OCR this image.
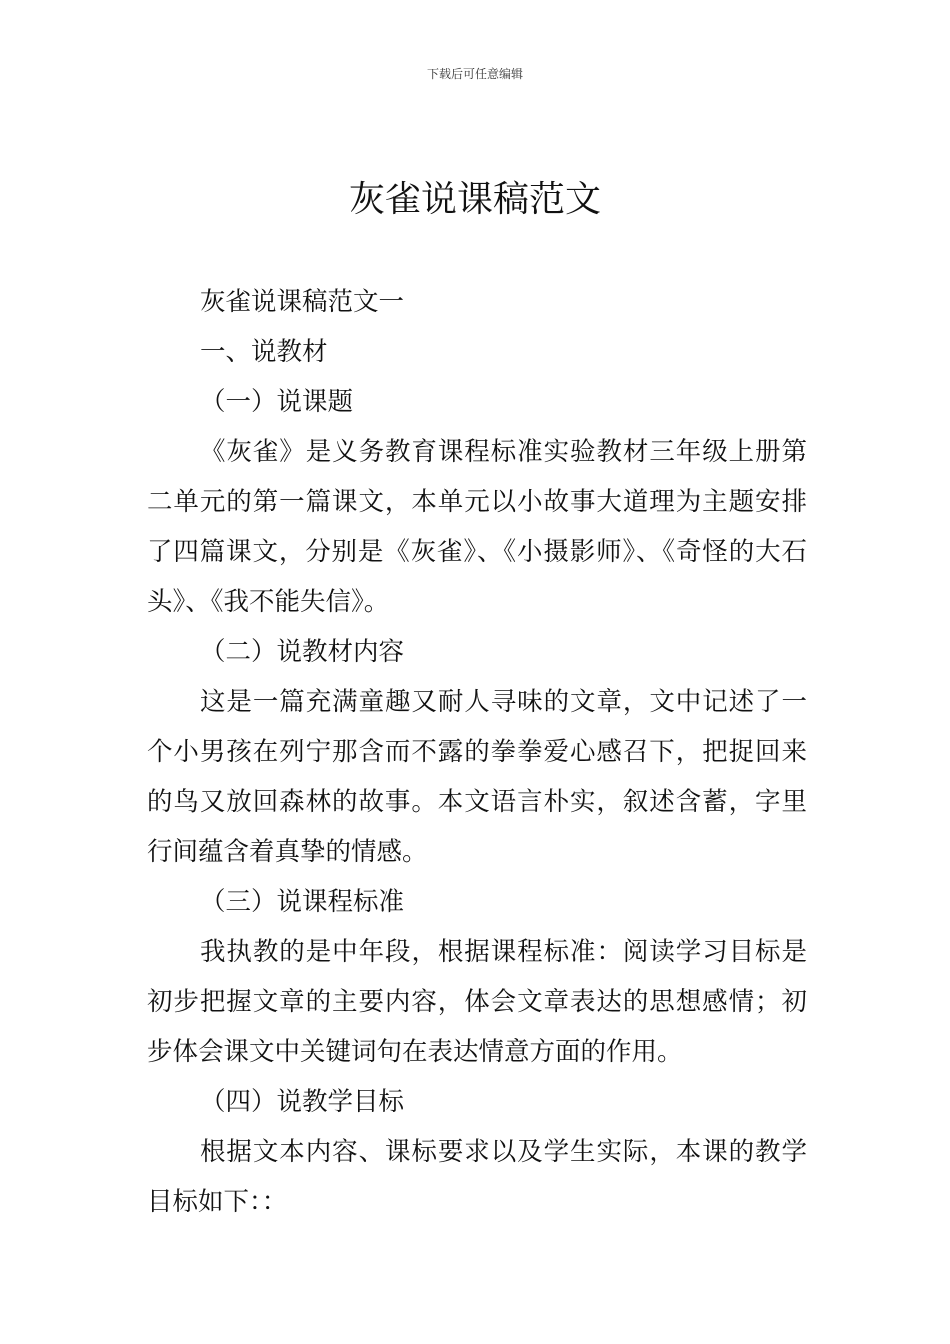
下载后可任意编辑
灰雀说课稿范文

灰雀说课稿范文一

一、说教材

（一）说课题

《灰雀》是义务教育课程标准实验教材三年级上册第二单元的第一篇课文，本单元以小故事大道理为主题安排了四篇课文，分别是《灰雀》、《小摄影师》、《奇怪的大石头》、《我不能失信》。

（二）说教材内容

这是一篇充满童趣又耐人寻味的文章，文中记述了一个小男孩在列宁那含而不露的拳拳爱心感召下，把捉回来的鸟又放回森林的故事。本文语言朴实，叙述含蓄，字里行间蕴含着真挚的情感。

（三）说课程标准

我执教的是中年段，根据课程标准：阅读学习目标是初步把握文章的主要内容，体会文章表达的思想感情；初步体会课文中关键词句在表达情意方面的作用。

（四）说教学目标

根据文本内容、课标要求以及学生实际，本课的教学目标如下：：
